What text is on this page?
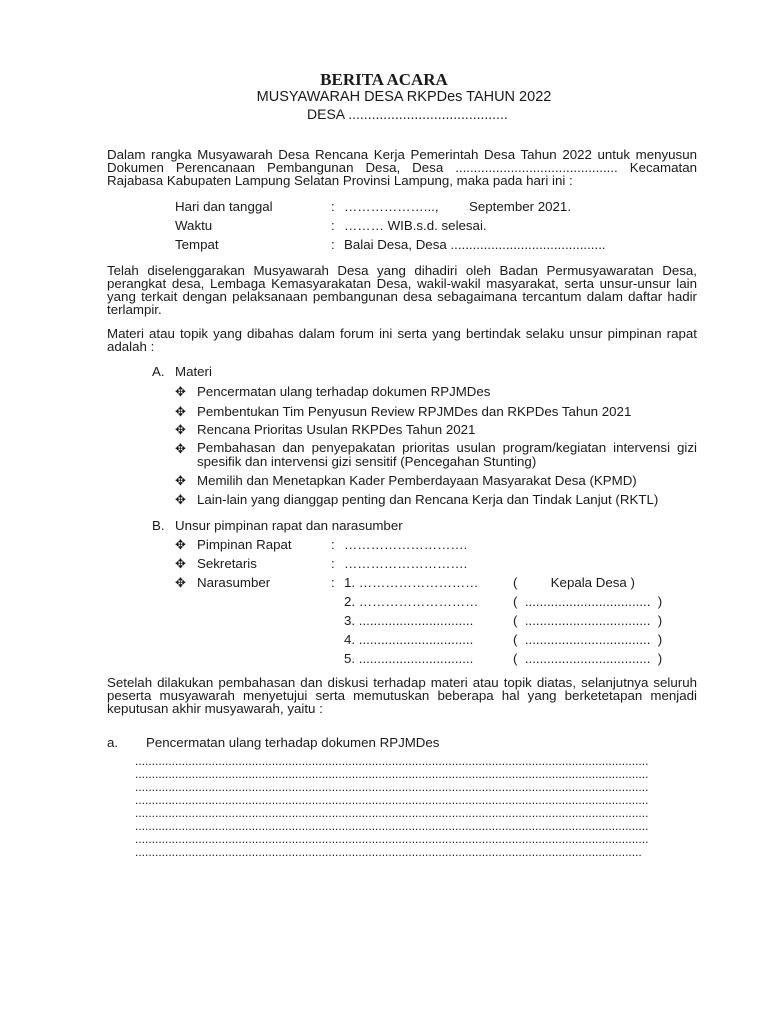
BERITA ACARA
MUSYAWARAH DESA RKPDes TAHUN 2022
DESA .........................................
Dalam rangka Musyawarah Desa Rencana Kerja Pemerintah Desa Tahun 2022 untuk menyusun Dokumen Perencanaan Pembangunan Desa, Desa ............................................ Kecamatan Rajabasa Kabupaten Lampung Selatan Provinsi Lampung, maka pada hari ini :
Hari dan tanggal	: ………………..., September 2021.
Waktu	: ……… WIB.s.d. selesai.
Tempat	: Balai Desa, Desa ..........................................
Telah diselenggarakan Musyawarah Desa yang dihadiri oleh Badan Permusyawaratan Desa, perangkat desa, Lembaga Kemasyarakatan Desa, wakil-wakil masyarakat, serta unsur-unsur lain yang terkait dengan pelaksanaan pembangunan desa sebagaimana tercantum dalam daftar hadir terlampir.
Materi atau topik yang dibahas dalam forum ini serta yang bertindak selaku unsur pimpinan rapat adalah :
A. Materi
✥ Pencermatan ulang terhadap dokumen RPJMDes
✥ Pembentukan Tim Penyusun Review RPJMDes dan RKPDes Tahun 2021
✥ Rencana Prioritas Usulan RKPDes Tahun 2021
✥ Pembahasan dan penyepakatan prioritas usulan program/kegiatan intervensi gizi spesifik dan intervensi gizi sensitif (Pencegahan Stunting)
✥ Memilih dan Menetapkan Kader Pemberdayaan Masyarakat Desa (KPMD)
✥ Lain-lain yang dianggap penting dan Rencana Kerja dan Tindak Lanjut (RKTL)
B. Unsur pimpinan rapat dan narasumber
✥ Pimpinan Rapat	: ……………………….
✥ Sekretaris	: ……………………….
✥ Narasumber	: 1. ………………………	(         Kepala Desa )
2. ………………………	(  ..................................  )
3. ...............................	(  ..................................  )
4. ...............................	(  ..................................  )
5. ...............................	(  ..................................  )
Setelah dilakukan pembahasan dan diskusi terhadap materi atau topik diatas, selanjutnya seluruh peserta musyawarah menyetujui serta memutuskan beberapa hal yang berketetapan menjadi keputusan akhir musyawarah, yaitu :
a. Pencermatan ulang terhadap dokumen RPJMDes
..........................................................................................................................................................
..........................................................................................................................................................
..........................................................................................................................................................
..........................................................................................................................................................
..........................................................................................................................................................
..........................................................................................................................................................
..........................................................................................................................................................
........................................................................................................................................................
